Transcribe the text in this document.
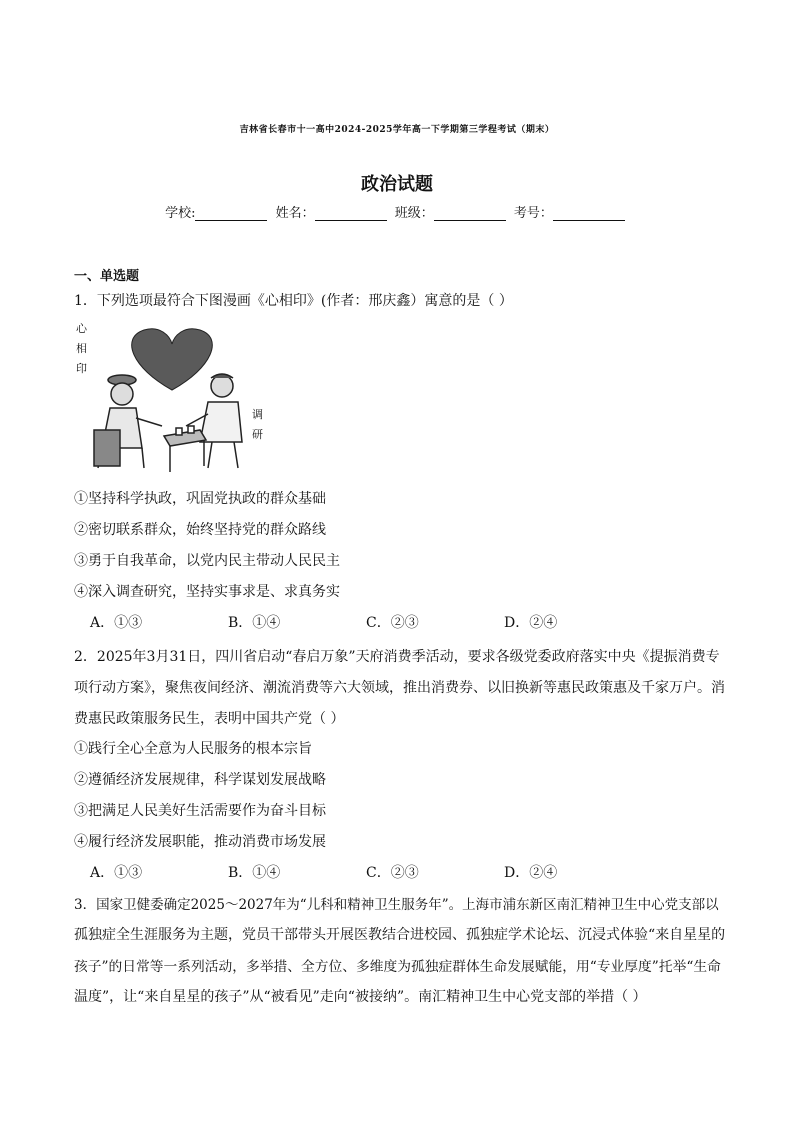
吉林省长春市十一高中2024-2025学年高一下学期第三学程考试（期末）
政治试题
学校:	姓名：	班级：	考号：
一、单选题
1．下列选项最符合下图漫画《心相印》(作者：邢庆鑫）寓意的是（ ）
心
相
印
调
研
①坚持科学执政，巩固党执政的群众基础
②密切联系群众，始终坚持党的群众路线
③勇于自我革命，以党内民主带动人民民主
④深入调查研究，坚持实事求是、求真务实
A．①③	B．①④	C．②③	D．②④
2．2025年3月31日，四川省启动“春启万象”天府消费季活动，要求各级党委政府落实中央《提振消费专
项行动方案》，聚焦夜间经济、潮流消费等六大领域，推出消费券、以旧换新等惠民政策惠及千家万户。消
费惠民政策服务民生，表明中国共产党（ ）
①践行全心全意为人民服务的根本宗旨
②遵循经济发展规律，科学谋划发展战略
③把满足人民美好生活需要作为奋斗目标
④履行经济发展职能，推动消费市场发展
A．①③	B．①④	C．②③	D．②④
3．国家卫健委确定2025～2027年为“儿科和精神卫生服务年”。上海市浦东新区南汇精神卫生中心党支部以
孤独症全生涯服务为主题，党员干部带头开展医教结合进校园、孤独症学术论坛、沉浸式体验“来自星星的
孩子”的日常等一系列活动，多举措、全方位、多维度为孤独症群体生命发展赋能，用“专业厚度”托举“生命
温度”，让“来自星星的孩子”从“被看见”走向“被接纳”。南汇精神卫生中心党支部的举措（ ）
